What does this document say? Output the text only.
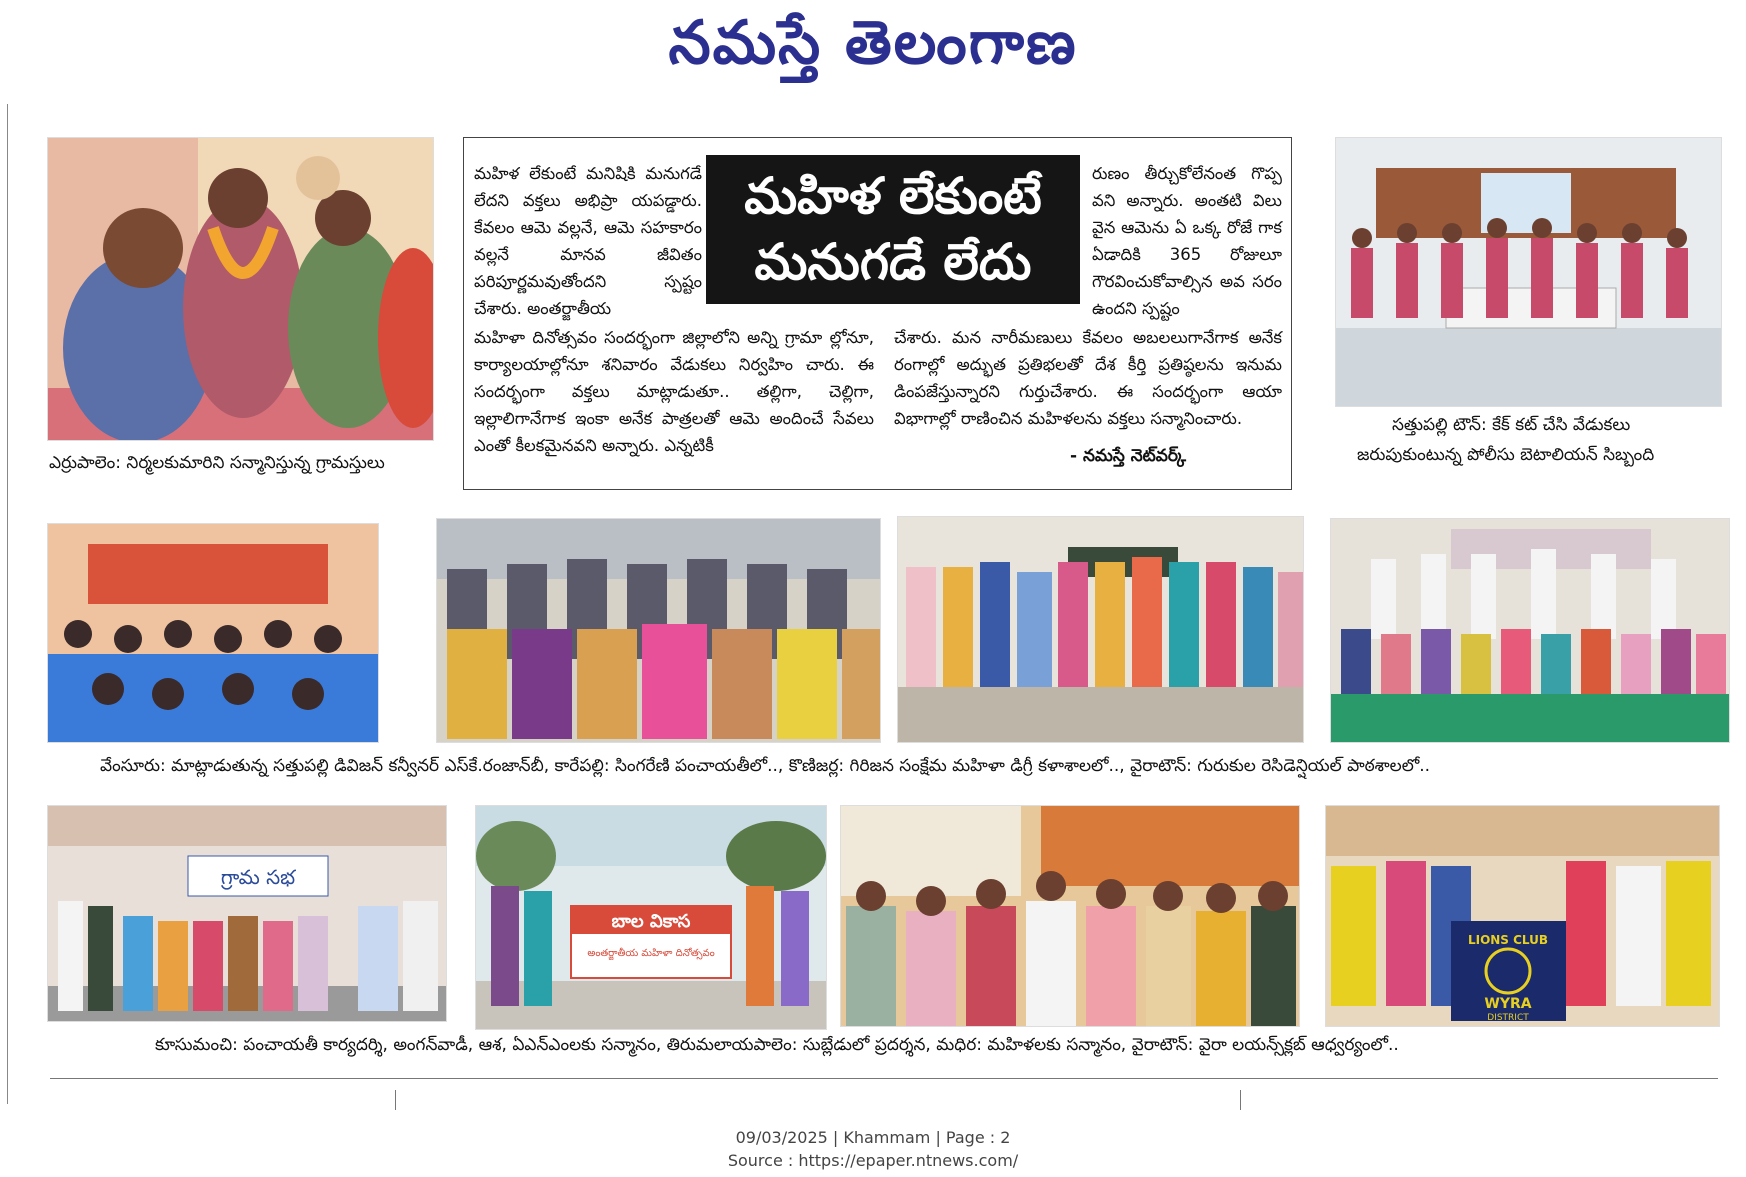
నమస్తే తెలంగాణ
ఎర్రుపాలెం: నిర్మలకుమారిని సన్మానిస్తున్న గ్రామస్తులు
మహిళ లేకుంటే
మనుగడే లేదు
మహిళ లేకుంటే మనిషికి మనుగడే లేదని వక్తలు అభిప్రా యపడ్డారు. కేవలం ఆమె వల్లనే, ఆమె సహకారం వల్లనే మానవ జీవితం పరిపూర్ణమవుతోందని స్పష్టం చేశారు. అంతర్జాతీయ
మహిళా దినోత్సవం సందర్భంగా జిల్లాలోని అన్ని గ్రామా ల్లోనూ, కార్యాలయాల్లోనూ శనివారం వేడుకలు నిర్వహిం చారు. ఈ సందర్భంగా వక్తలు మాట్లాడుతూ.. తల్లిగా, చెల్లిగా, ఇల్లాలిగానేగాక ఇంకా అనేక పాత్రలతో ఆమె అందించే సేవలు ఎంతో కీలకమైనవని అన్నారు. ఎన్నటికీ
రుణం తీర్చుకోలేనంత గొప్ప వని అన్నారు. అంతటి విలు వైన ఆమెను ఏ ఒక్క రోజే గాక ఏడాదికి 365 రోజులూ గౌరవించుకోవాల్సిన అవ సరం ఉందని స్పష్టం
చేశారు. మన నారీమణులు కేవలం అబలలుగానేగాక అనేక రంగాల్లో అద్భుత ప్రతిభలతో దేశ కీర్తి ప్రతిష్ఠలను ఇనుమ డింపజేస్తున్నారని గుర్తుచేశారు. ఈ సందర్భంగా ఆయా విభాగాల్లో రాణించిన మహిళలను వక్తలు సన్మానించారు.
- నమస్తే నెట్‌వర్క్
సత్తుపల్లి టౌన్: కేక్ కట్ చేసి వేడుకలు
జరుపుకుంటున్న పోలీసు బెటాలియన్ సిబ్బంది
వేంసూరు: మాట్లాడుతున్న సత్తుపల్లి డివిజన్ కన్వీనర్ ఎస్‌కే.రంజాన్‌బీ, కారేపల్లి: సింగరేణి పంచాయతీలో.., కొణిజర్ల: గిరిజన సంక్షేమ మహిళా డిగ్రీ కళాశాలలో.., వైరాటౌన్: గురుకుల రెసిడెన్షియల్ పాఠశాలలో..
గ్రామ సభ
బాల వికాస
అంతర్జాతీయ మహిళా దినోత్సవం
LIONS CLUB
WYRA
DISTRICT
కూసుమంచి: పంచాయతీ కార్యదర్శి, అంగన్‌వాడీ, ఆశ, ఏఎన్‌ఎంలకు సన్మానం, తిరుమలాయపాలెం: సుబ్లేడులో ప్రదర్శన, మధిర: మహిళలకు సన్మానం, వైరాటౌన్: వైరా లయన్స్‌క్లబ్ ఆధ్వర్యంలో..
09/03/2025 | Khammam | Page : 2
Source : https://epaper.ntnews.com/
